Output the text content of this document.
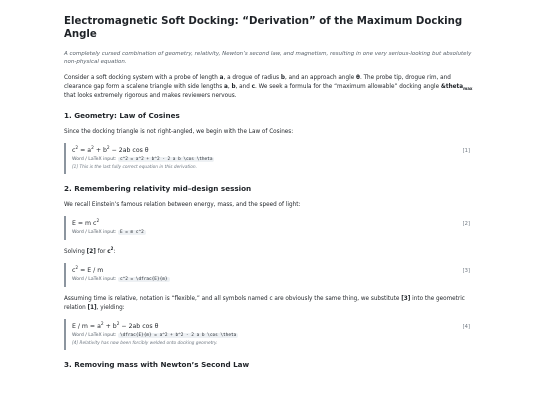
Electromagnetic Soft Docking: “Derivation” of the Maximum Docking Angle
A completely cursed combination of geometry, relativity, Newton’s second law, and magnetism, resulting in one very serious-looking but absolutely non-physical equation.

Consider a soft docking system with a probe of length a, a drogue of radius b, and an approach angle θ. The probe tip, drogue rim, and clearance gap form a scalene triangle with side lengths a, b, and c. We seek a formula for the “maximum allowable” docking angle &theta$_{max}$ that looks extremely rigorous and makes reviewers nervous.

1. Geometry: Law of Cosines

Since the docking triangle is not right-angled, we begin with the Law of Cosines:

$c^2 = a^2 + b^2 - 2ab$ cos θ	[1]
Word / LaTeX input: c^2 = a^2 + b^2 - 2 a b \cos \theta
[1] This is the last fully correct equation in this derivation.
2. Remembering relativity mid–design session

We recall Einstein’s famous relation between energy, mass, and the speed of light:

E = m $c^2$	[2]
Word / LaTeX input: E = m c^2

Solving [2] for $c^2$:

$c^2 = E / m$	[3]
Word / LaTeX input: c^2 = \dfrac{E}{m}

Assuming time is relative, notation is “flexible,” and all symbols named c are obviously the same thing, we substitute [3] into the geometric relation [1], yielding:

$E / m = a^2 + b^2 - 2ab$ cos θ	[4]
Word / LaTeX input: \dfrac{E}{m} = a^2 + b^2 - 2 a b \cos \theta
[4] Relativity has now been forcibly welded onto docking geometry.
3. Removing mass with Newton’s Second Law
